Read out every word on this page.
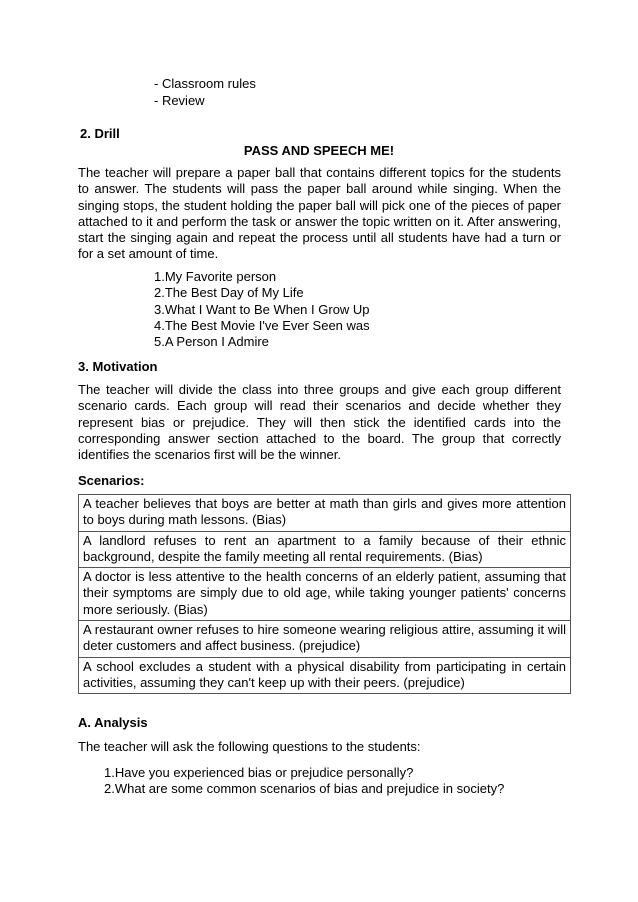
- Classroom rules
- Review
2. Drill
PASS AND SPEECH ME!

The teacher will prepare a paper ball that contains different topics for the students to answer. The students will pass the paper ball around while singing. When the singing stops, the student holding the paper ball will pick one of the pieces of paper attached to it and perform the task or answer the topic written on it. After answering, start the singing again and repeat the process until all students have had a turn or for a set amount of time.

1.My Favorite person
2.The Best Day of My Life
3.What I Want to Be When I Grow Up
4.The Best Movie I've Ever Seen was
5.A Person I Admire
3. Motivation

The teacher will divide the class into three groups and give each group different scenario cards. Each group will read their scenarios and decide whether they represent bias or prejudice. They will then stick the identified cards into the corresponding answer section attached to the board. The group that correctly identifies the scenarios first will be the winner.

Scenarios:
A teacher believes that boys are better at math than girls and gives more attention to boys during math lessons. (Bias)
A landlord refuses to rent an apartment to a family because of their ethnic background, despite the family meeting all rental requirements. (Bias)
A doctor is less attentive to the health concerns of an elderly patient, assuming that their symptoms are simply due to old age, while taking younger patients' concerns more seriously. (Bias)
A restaurant owner refuses to hire someone wearing religious attire, assuming it will deter customers and affect business. (prejudice)
A school excludes a student with a physical disability from participating in certain activities, assuming they can't keep up with their peers. (prejudice)
A. Analysis
The teacher will ask the following questions to the students:
1.Have you experienced bias or prejudice personally?
2.What are some common scenarios of bias and prejudice in society?
